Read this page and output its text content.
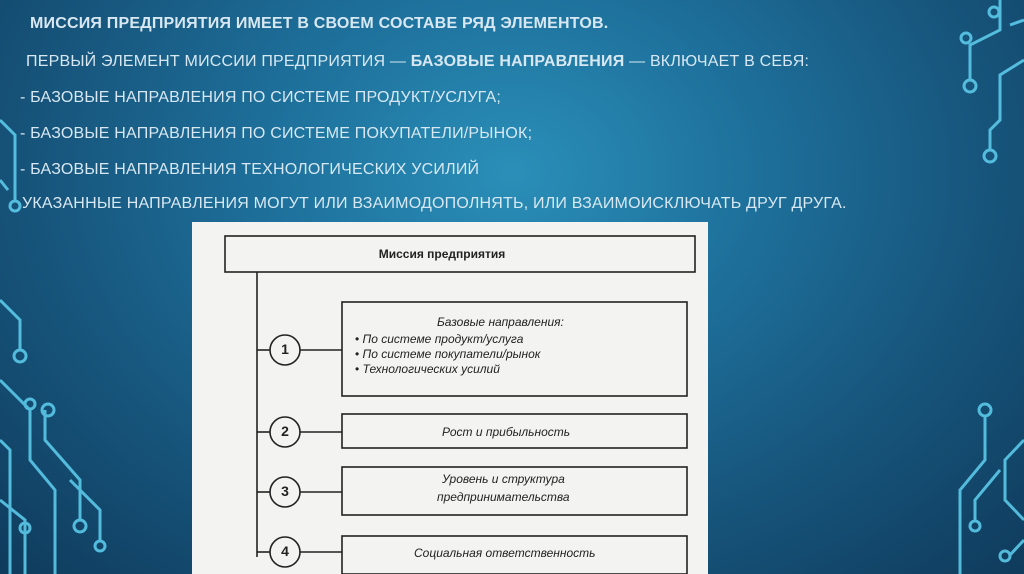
МИССИЯ ПРЕДПРИЯТИЯ ИМЕЕТ В СВОЕМ СОСТАВЕ РЯД ЭЛЕМЕНТОВ.
ПЕРВЫЙ ЭЛЕМЕНТ МИССИИ ПРЕДПРИЯТИЯ — БАЗОВЫЕ НАПРАВЛЕНИЯ — ВКЛЮЧАЕТ В СЕБЯ:
- БАЗОВЫЕ НАПРАВЛЕНИЯ ПО СИСТЕМЕ ПРОДУКТ/УСЛУГА;
- БАЗОВЫЕ НАПРАВЛЕНИЯ ПО СИСТЕМЕ ПОКУПАТЕЛИ/РЫНОК;
- БАЗОВЫЕ НАПРАВЛЕНИЯ ТЕХНОЛОГИЧЕСКИХ УСИЛИЙ
УКАЗАННЫЕ НАПРАВЛЕНИЯ МОГУТ ИЛИ ВЗАИМОДОПОЛНЯТЬ, ИЛИ ВЗАИМОИСКЛЮЧАТЬ ДРУГ ДРУГА.
Миссия предприятия
1
2
3
4
Базовые направления:
• По системе продукт/услуга
• По системе покупатели/рынок
• Технологических усилий
Рост и прибыльность
Уровень и структура
предпринимательства
Социальная ответственность
